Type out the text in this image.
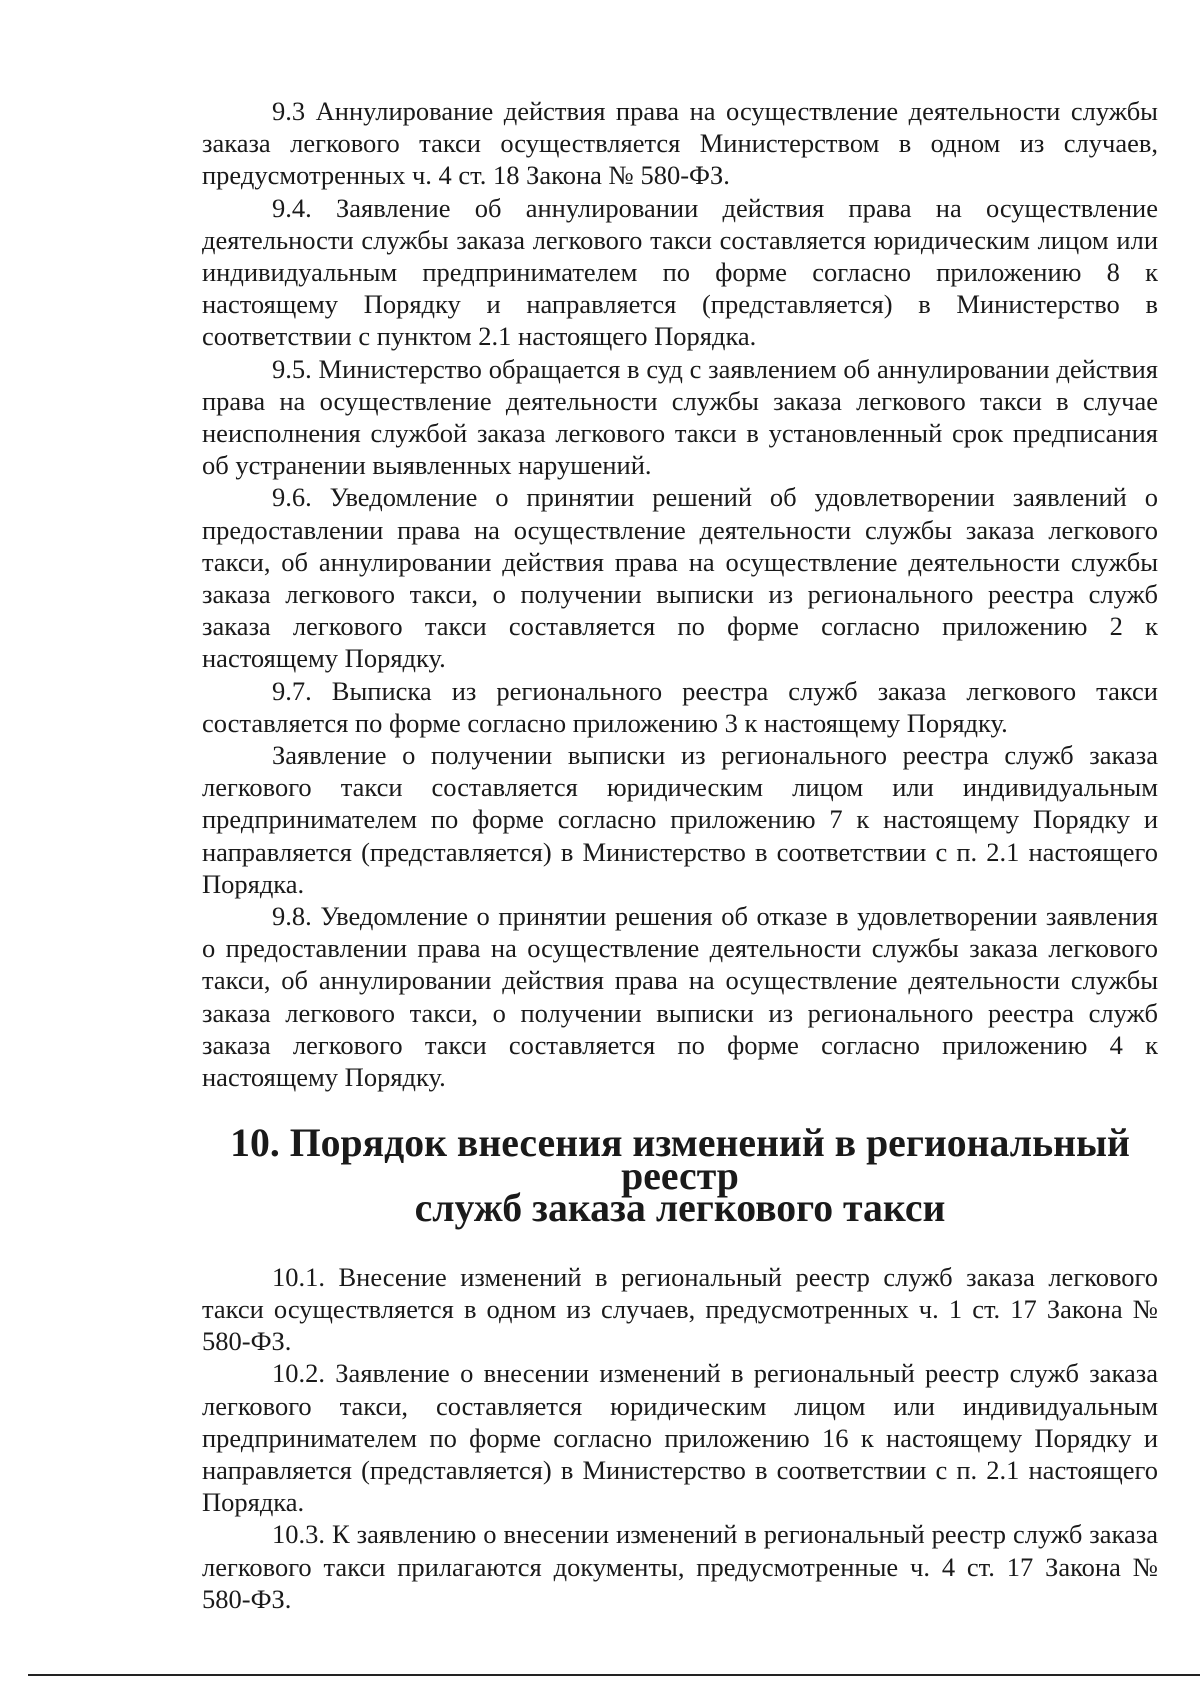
9.3 Аннулирование действия права на осуществление деятельности службы заказа легкового такси осуществляется Министерством в одном из случаев, предусмотренных ч. 4 ст. 18 Закона № 580-ФЗ.

9.4. Заявление об аннулировании действия права на осуществление деятельности службы заказа легкового такси составляется юридическим лицом или индивидуальным предпринимателем по форме согласно приложению 8 к настоящему Порядку и направляется (представляется) в Министерство в соответствии с пунктом 2.1 настоящего Порядка.

9.5. Министерство обращается в суд с заявлением об аннулировании действия права на осуществление деятельности службы заказа легкового такси в случае неисполнения службой заказа легкового такси в установленный срок предписания об устранении выявленных нарушений.

9.6. Уведомление о принятии решений об удовлетворении заявлений о предоставлении права на осуществление деятельности службы заказа легкового такси, об аннулировании действия права на осуществление деятельности службы заказа легкового такси, о получении выписки из регионального реестра служб заказа легкового такси составляется по форме согласно приложению 2 к настоящему Порядку.

9.7. Выписка из регионального реестра служб заказа легкового такси составляется по форме согласно приложению 3 к настоящему Порядку.

Заявление о получении выписки из регионального реестра служб заказа легкового такси составляется юридическим лицом или индивидуальным предпринимателем по форме согласно приложению 7 к настоящему Порядку и направляется (представляется) в Министерство в соответствии с п. 2.1 настоящего Порядка.

9.8. Уведомление о принятии решения об отказе в удовлетворении заявления о предоставлении права на осуществление деятельности службы заказа легкового такси, об аннулировании действия права на осуществление деятельности службы заказа легкового такси, о получении выписки из регионального реестра служб заказа легкового такси составляется по форме согласно приложению 4 к настоящему Порядку.

10. Порядок внесения изменений в региональный реестр
служб заказа легкового такси

10.1. Внесение изменений в региональный реестр служб заказа легкового такси осуществляется в одном из случаев, предусмотренных ч. 1 ст. 17 Закона № 580-ФЗ.

10.2. Заявление о внесении изменений в региональный реестр служб заказа легкового такси, составляется юридическим лицом или индивидуальным предпринимателем по форме согласно приложению 16 к настоящему Порядку и направляется (представляется) в Министерство в соответствии с п. 2.1 настоящего Порядка.

10.3. К заявлению о внесении изменений в региональный реестр служб заказа легкового такси прилагаются документы, предусмотренные ч. 4 ст. 17 Закона № 580-ФЗ.
